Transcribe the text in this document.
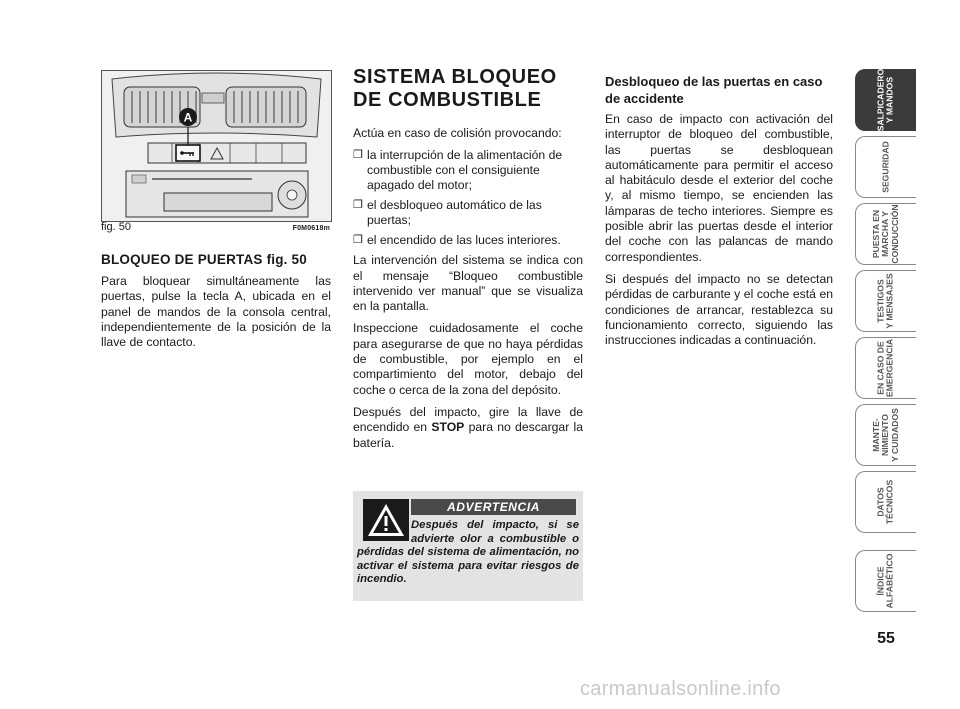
A
fig. 50	F0M0618m
BLOQUEO DE PUERTAS fig. 50

Para bloquear simultáneamente las puertas, pulse la tecla A, ubicada en el panel de mandos de la consola central, independientemente de la posición de la llave de contacto.

SISTEMA BLOQUEO
DE COMBUSTIBLE

Actúa en caso de colisión provocando:

❐ la interrupción de la alimentación de combustible con el consiguiente apagado del motor;
❐ el desbloqueo automático de las puertas;
❐ el encendido de las luces interiores.

La intervención del sistema se indica con el mensaje “Bloqueo combustible intervenido ver manual” que se visualiza en la pantalla.

Inspeccione cuidadosamente el coche para asegurarse de que no haya pérdidas de combustible, por ejemplo en el compartimiento del motor, debajo del coche o cerca de la zona del depósito.

Después del impacto, gire la llave de encendido en STOP para no descargar la batería.

ADVERTENCIA
Después del impacto, si se advierte olor a combustible o pérdidas del sistema de alimentación, no activar el sistema para evitar riesgos de incendio.
Desbloqueo de las puertas en caso de accidente

En caso de impacto con activación del interruptor de bloqueo del combustible, las puertas se desbloquean automáticamente para permitir el acceso al habitáculo desde el exterior del coche y, al mismo tiempo, se encienden las lámparas de techo interiores. Siempre es posible abrir las puertas desde el interior del coche con las palancas de mando correspondientes.

Si después del impacto no se detectan pérdidas de carburante y el coche está en condiciones de arrancar, restablezca su funcionamiento correcto, siguiendo las instrucciones indicadas a continuación.

SALPICADERO
Y MANDOS
SEGURIDAD
PUESTA EN
MARCHA Y
CONDUCCIÓN
TESTIGOS
Y MENSAJES
EN CASO DE
EMERGENCIA
MANTE-
NIMIENTO
Y CUIDADOS
DATOS
TÉCNICOS
ÍNDICE
ALFABÉTICO
55
carmanualsonline.info
